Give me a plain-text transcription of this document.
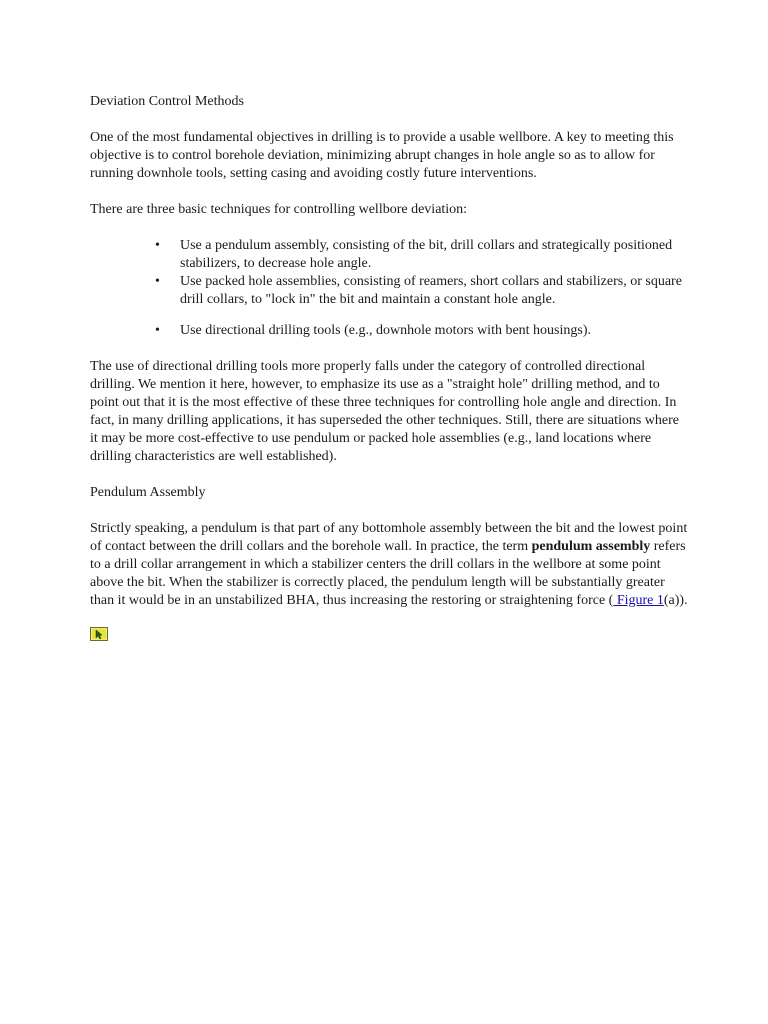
Deviation Control Methods

One of the most fundamental objectives in drilling is to provide a usable wellbore. A key to meeting this objective is to control borehole deviation, minimizing abrupt changes in hole angle so as to allow for running downhole tools, setting casing and avoiding costly future interventions.

There are three basic techniques for controlling wellbore deviation:

• Use a pendulum assembly, consisting of the bit, drill collars and strategically positioned stabilizers, to decrease hole angle.
• Use packed hole assemblies, consisting of reamers, short collars and stabilizers, or square drill collars, to "lock in" the bit and maintain a constant hole angle.
• Use directional drilling tools (e.g., downhole motors with bent housings).

The use of directional drilling tools more properly falls under the category of controlled directional drilling. We mention it here, however, to emphasize its use as a "straight hole" drilling method, and to point out that it is the most effective of these three techniques for controlling hole angle and direction. In fact, in many drilling applications, it has superseded the other techniques. Still, there are situations where it may be more cost-effective to use pendulum or packed hole assemblies (e.g., land locations where drilling characteristics are well established).

Pendulum Assembly

Strictly speaking, a pendulum is that part of any bottomhole assembly between the bit and the lowest point of contact between the drill collars and the borehole wall. In practice, the term pendulum assembly refers to a drill collar arrangement in which a stabilizer centers the drill collars in the wellbore at some point above the bit. When the stabilizer is correctly placed, the pendulum length will be substantially greater than it would be in an unstabilized BHA, thus increasing the restoring or straightening force ( Figure 1(a)).
